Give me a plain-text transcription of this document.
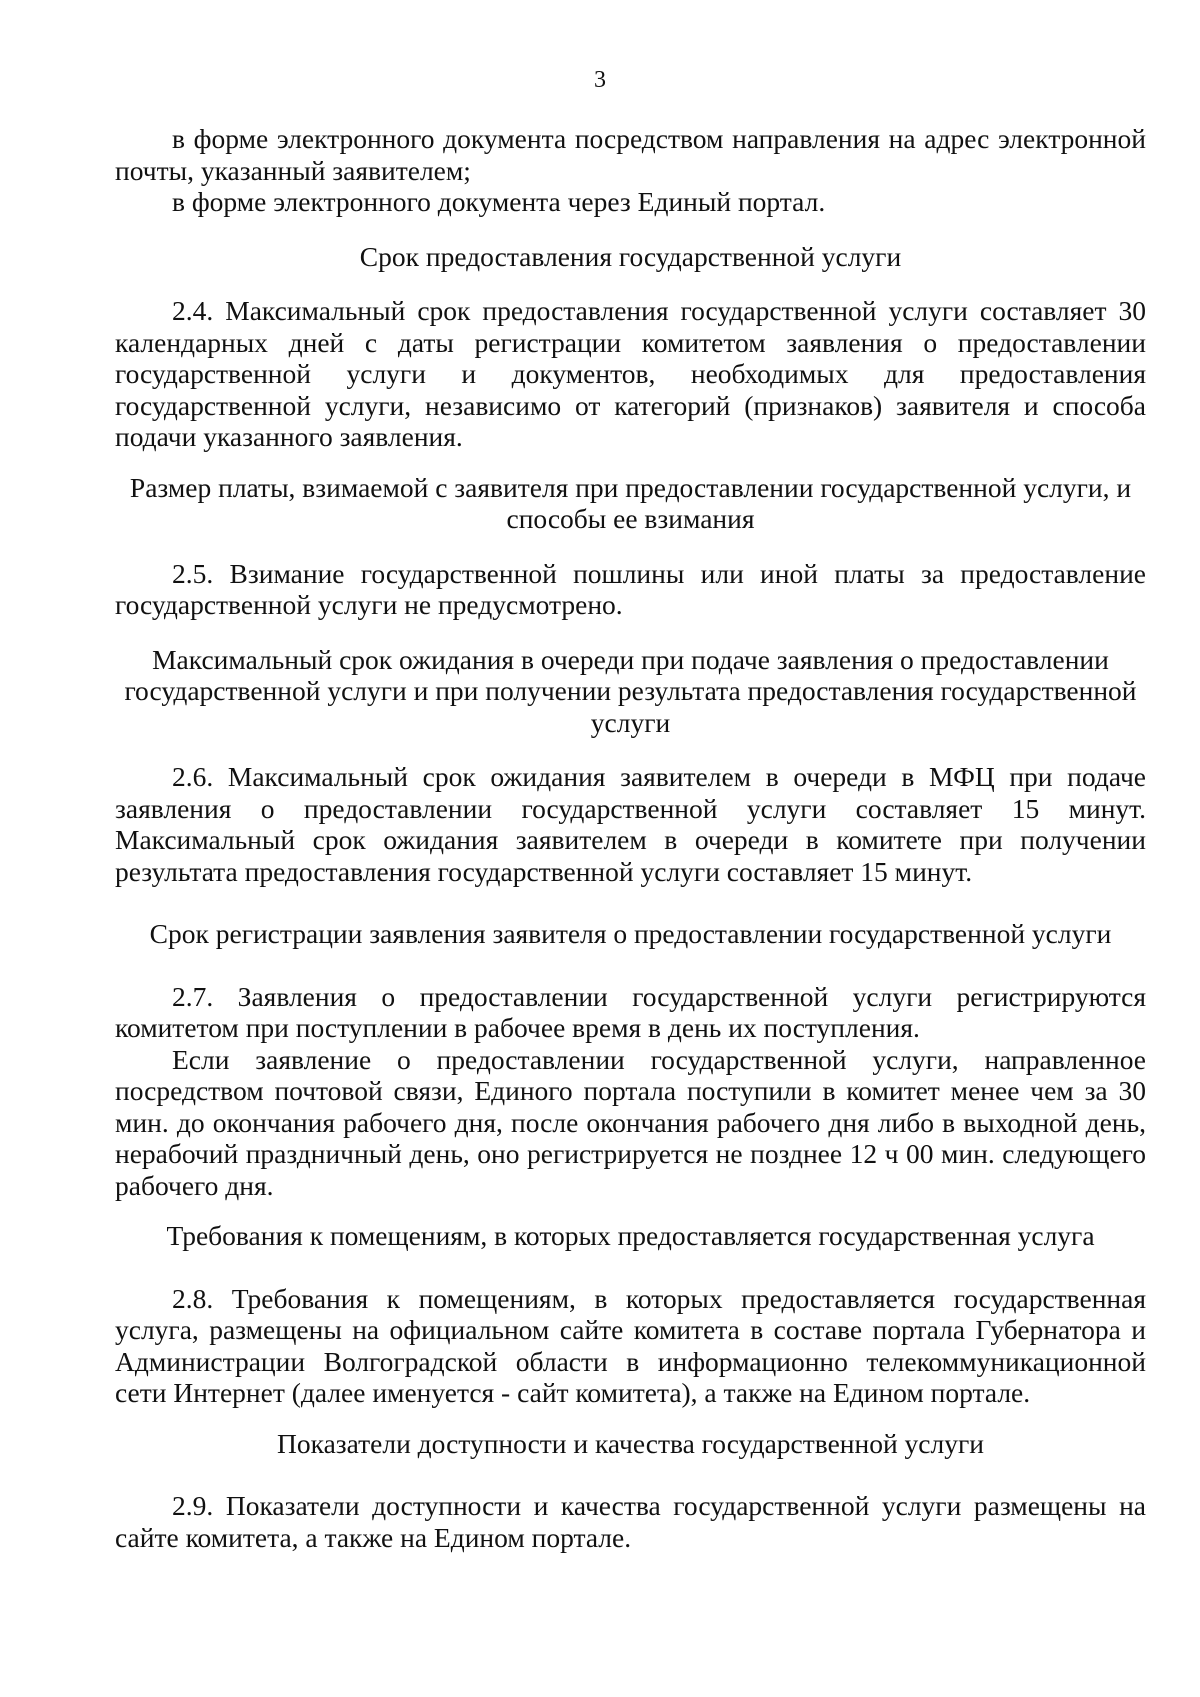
3

в форме электронного документа посредством направления на адрес электронной почты, указанный заявителем;

в форме электронного документа через Единый портал.

Срок предоставления государственной услуги

2.4. Максимальный срок предоставления государственной услуги составляет 30 календарных дней с даты регистрации комитетом заявления о предоставлении государственной услуги и документов, необходимых для предоставления государственной услуги, независимо от категорий (признаков) заявителя и способа подачи указанного заявления.

Размер платы, взимаемой с заявителя при предоставлении государственной услуги, и способы ее взимания

2.5. Взимание государственной пошлины или иной платы за предоставление государственной услуги не предусмотрено.

Максимальный срок ожидания в очереди при подаче заявления о предоставлении государственной услуги и при получении результата предоставления государственной услуги

2.6. Максимальный срок ожидания заявителем в очереди в МФЦ при подаче заявления о предоставлении государственной услуги составляет 15 минут. Максимальный срок ожидания заявителем в очереди в комитете при получении результата предоставления государственной услуги составляет 15 минут.

Срок регистрации заявления заявителя о предоставлении государственной услуги

2.7. Заявления о предоставлении государственной услуги регистрируются комитетом при поступлении в рабочее время в день их поступления.

Если заявление о предоставлении государственной услуги, направленное посредством почтовой связи, Единого портала поступили в комитет менее чем за 30 мин. до окончания рабочего дня, после окончания рабочего дня либо в выходной день, нерабочий праздничный день, оно регистрируется не позднее 12 ч 00 мин. следующего рабочего дня.

Требования к помещениям, в которых предоставляется государственная услуга

2.8. Требования к помещениям, в которых предоставляется государственная услуга, размещены на официальном сайте комитета в составе портала Губернатора и Администрации Волгоградской области в информационно телекоммуникационной сети Интернет (далее именуется - сайт комитета), а также на Едином портале.

Показатели доступности и качества государственной услуги

2.9. Показатели доступности и качества государственной услуги размещены на сайте комитета, а также на Едином портале.
